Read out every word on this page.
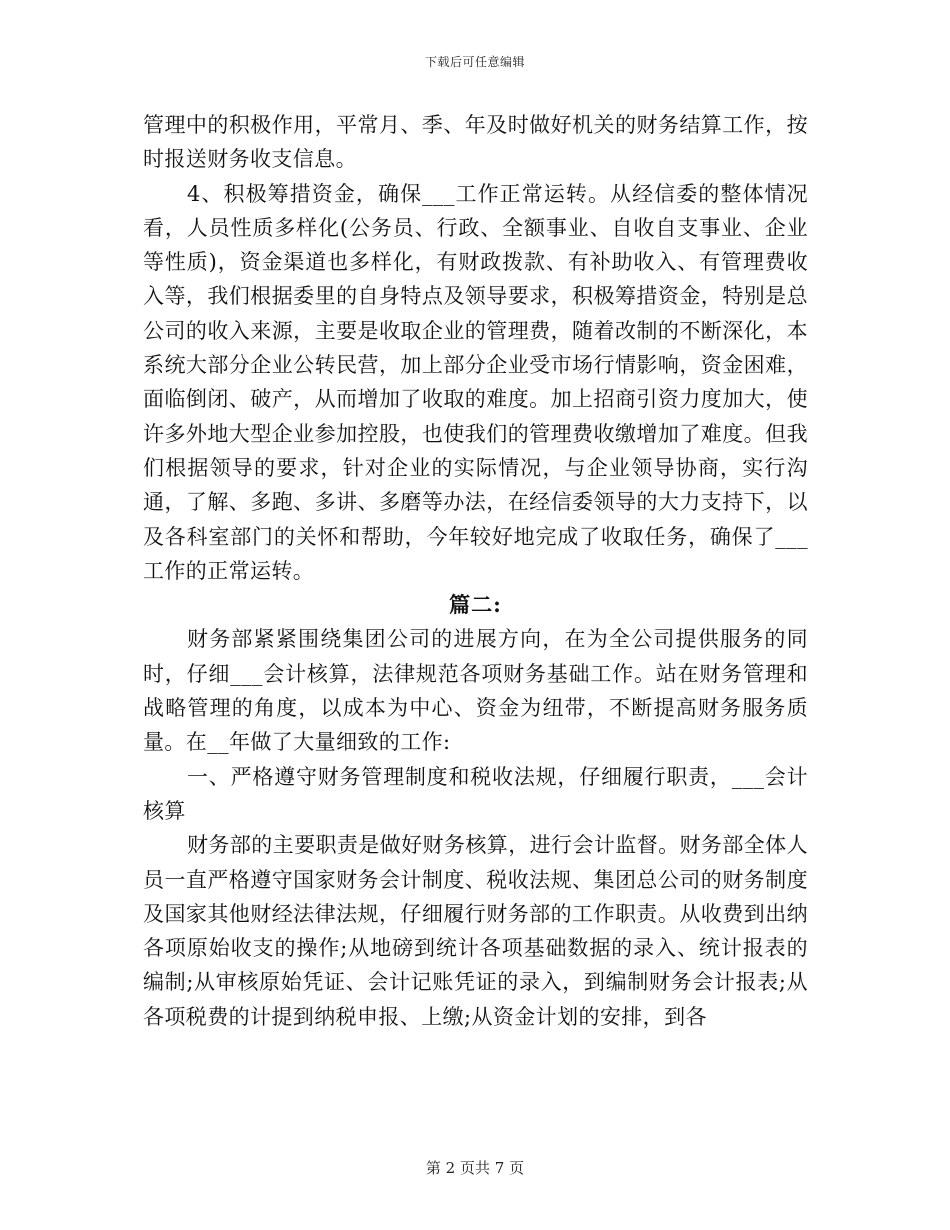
下载后可任意编辑

管理中的积极作用，平常月、季、年及时做好机关的财务结算工作，按时报送财务收支信息。

4、积极筹措资金，确保___工作正常运转。从经信委的整体情况看，人员性质多样化(公务员、行政、全额事业、自收自支事业、企业等性质)，资金渠道也多样化，有财政拨款、有补助收入、有管理费收入等，我们根据委里的自身特点及领导要求，积极筹措资金，特别是总公司的收入来源，主要是收取企业的管理费，随着改制的不断深化，本系统大部分企业公转民营，加上部分企业受市场行情影响，资金困难，面临倒闭、破产，从而增加了收取的难度。加上招商引资力度加大，使许多外地大型企业参加控股，也使我们的管理费收缴增加了难度。但我们根据领导的要求，针对企业的实际情况，与企业领导协商，实行沟通，了解、多跑、多讲、多磨等办法，在经信委领导的大力支持下，以及各科室部门的关怀和帮助，今年较好地完成了收取任务，确保了___工作的正常运转。

篇二:

财务部紧紧围绕集团公司的进展方向，在为全公司提供服务的同时，仔细___会计核算，法律规范各项财务基础工作。站在财务管理和战略管理的角度，以成本为中心、资金为纽带，不断提高财务服务质量。在__年做了大量细致的工作:

一、严格遵守财务管理制度和税收法规，仔细履行职责，___会计核算

财务部的主要职责是做好财务核算，进行会计监督。财务部全体人员一直严格遵守国家财务会计制度、税收法规、集团总公司的财务制度及国家其他财经法律法规，仔细履行财务部的工作职责。从收费到出纳各项原始收支的操作;从地磅到统计各项基础数据的录入、统计报表的编制;从审核原始凭证、会计记账凭证的录入，到编制财务会计报表;从各项税费的计提到纳税申报、上缴;从资金计划的安排，到各

第 2 页共 7 页
